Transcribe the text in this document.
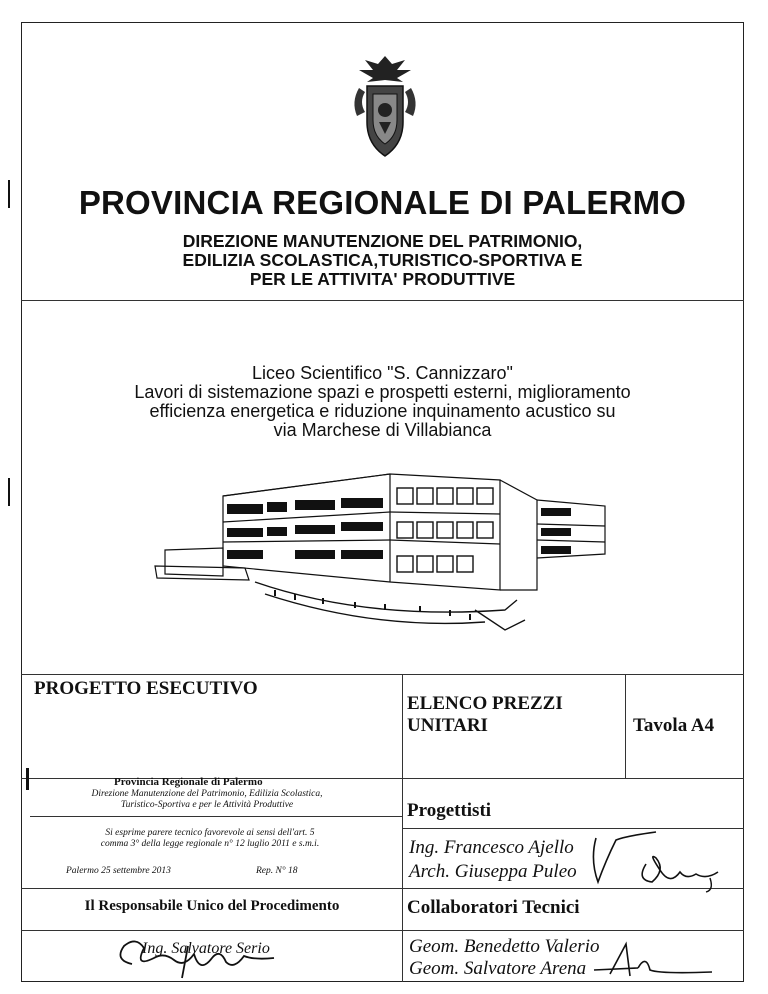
PROVINCIA REGIONALE DI PALERMO
DIREZIONE MANUTENZIONE DEL PATRIMONIO,
EDILIZIA SCOLASTICA,TURISTICO-SPORTIVA E
PER LE ATTIVITA' PRODUTTIVE
Liceo Scientifico "S. Cannizzaro"
Lavori di sistemazione spazi e prospetti esterni, miglioramento
efficienza energetica e riduzione inquinamento acustico su
via Marchese di Villabianca
PROGETTO ESECUTIVO
ELENCO PREZZI
UNITARI	Tavola A4
Provincia Regionale di Palermo
Direzione Manutenzione del Patrimonio, Edilizia Scolastica,
Turistico-Sportiva e per le Attività Produttive
Si esprime parere tecnico favorevole ai sensi dell'art. 5
comma 3° della legge regionale n° 12 luglio 2011 e s.m.i.
Palermo 25 settembre 2013	Rep. N° 18
Il Responsabile Unico del Procedimento
Ing. Salvatore Serio
Progettisti
Ing. Francesco Ajello
Arch. Giuseppa Puleo
Collaboratori Tecnici
Geom. Benedetto Valerio
Geom. Salvatore Arena
